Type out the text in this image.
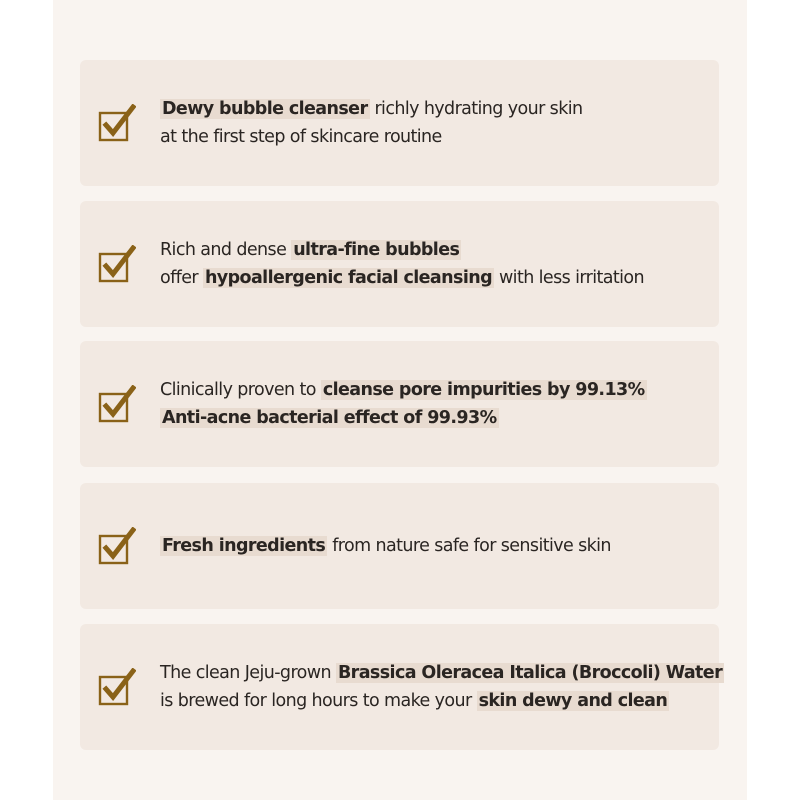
Dewy bubble cleanser richly hydrating your skin
at the first step of skincare routine
Rich and dense ultra-fine bubbles
offer hypoallergenic facial cleansing with less irritation
Clinically proven to cleanse pore impurities by 99.13%
Anti-acne bacterial effect of 99.93%
Fresh ingredients from nature safe for sensitive skin
The clean Jeju-grown Brassica Oleracea Italica (Broccoli) Water
is brewed for long hours to make your skin dewy and clean
